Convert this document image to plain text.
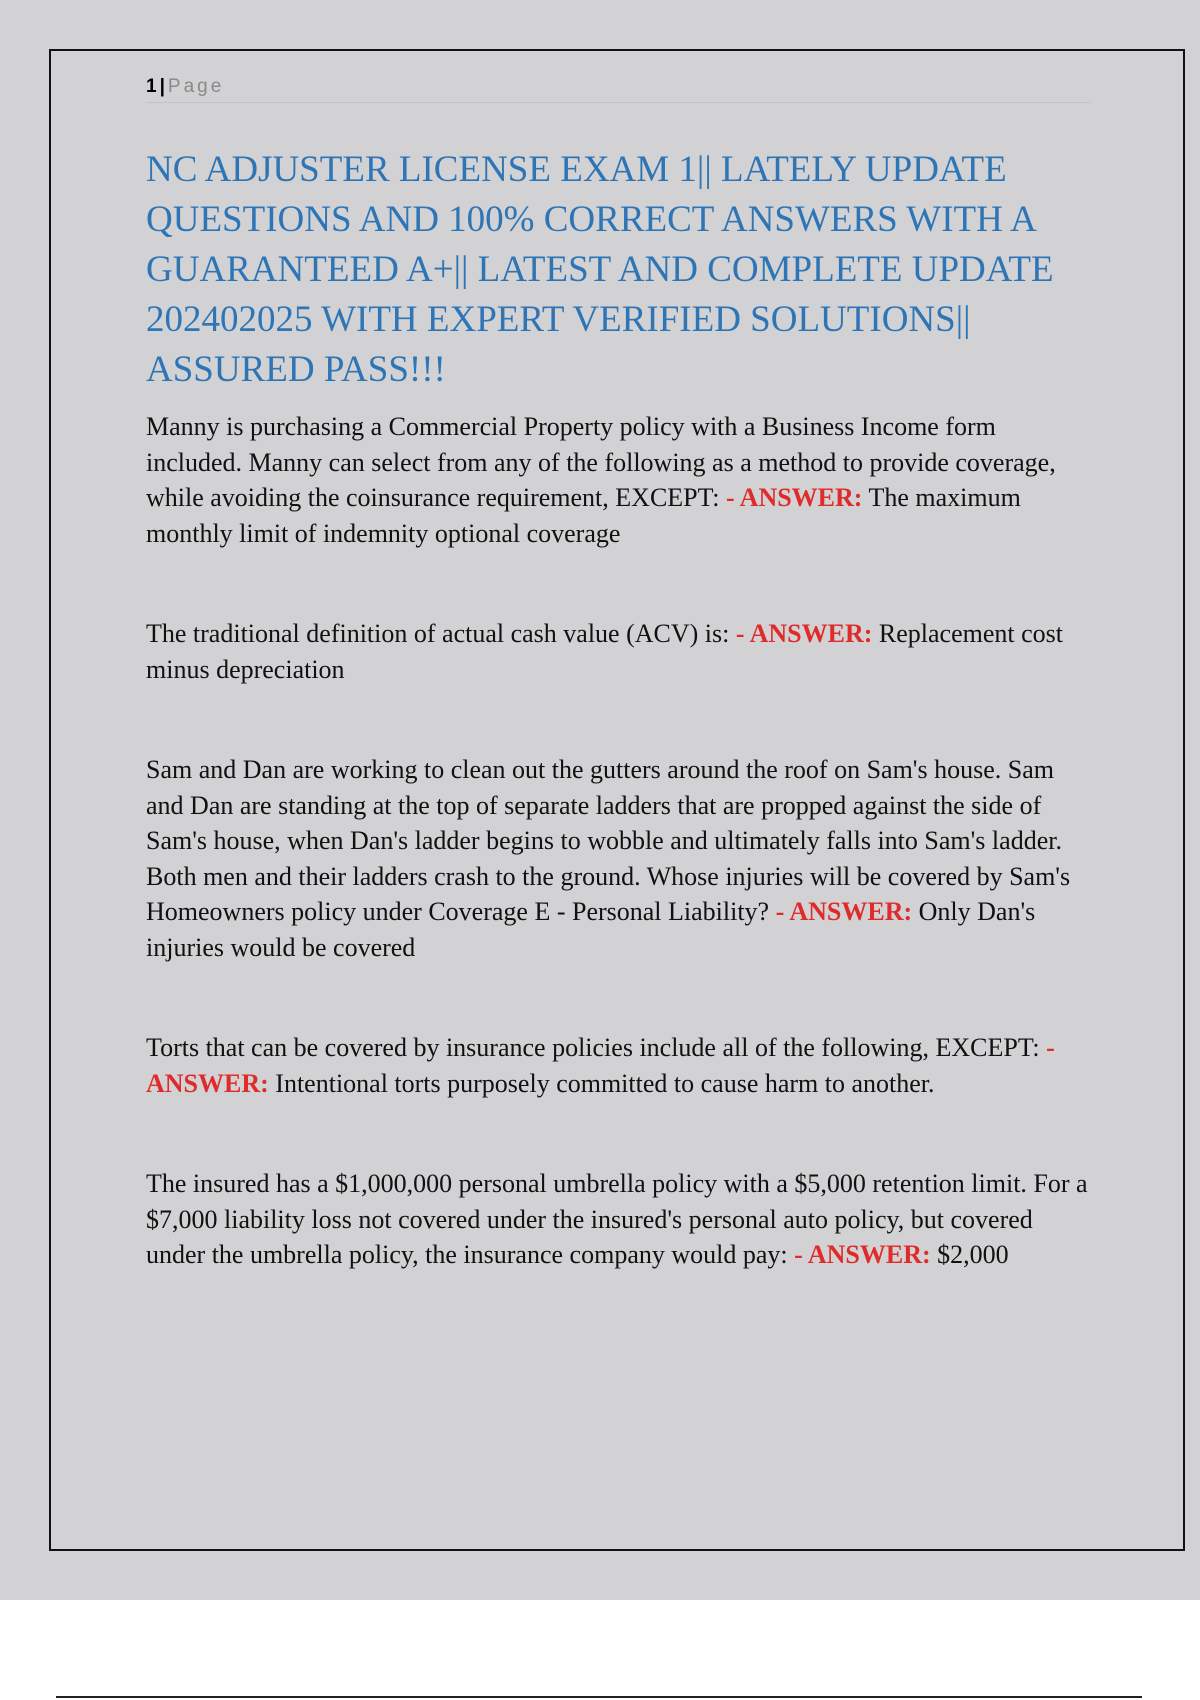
1 | Page
NC ADJUSTER LICENSE EXAM 1|| LATELY UPDATE QUESTIONS AND 100% CORRECT ANSWERS WITH A GUARANTEED A+|| LATEST AND COMPLETE UPDATE 202402025 WITH EXPERT VERIFIED SOLUTIONS|| ASSURED PASS!!!

Manny is purchasing a Commercial Property policy with a Business Income form included. Manny can select from any of the following as a method to provide coverage, while avoiding the coinsurance requirement, EXCEPT: - ANSWER: The maximum monthly limit of indemnity optional coverage

The traditional definition of actual cash value (ACV) is: - ANSWER: Replacement cost minus depreciation

Sam and Dan are working to clean out the gutters around the roof on Sam's house. Sam and Dan are standing at the top of separate ladders that are propped against the side of Sam's house, when Dan's ladder begins to wobble and ultimately falls into Sam's ladder. Both men and their ladders crash to the ground. Whose injuries will be covered by Sam's Homeowners policy under Coverage E - Personal Liability? - ANSWER: Only Dan's injuries would be covered

Torts that can be covered by insurance policies include all of the following, EXCEPT: - ANSWER: Intentional torts purposely committed to cause harm to another.

The insured has a $1,000,000 personal umbrella policy with a $5,000 retention limit. For a $7,000 liability loss not covered under the insured's personal auto policy, but covered under the umbrella policy, the insurance company would pay: - ANSWER: $2,000
